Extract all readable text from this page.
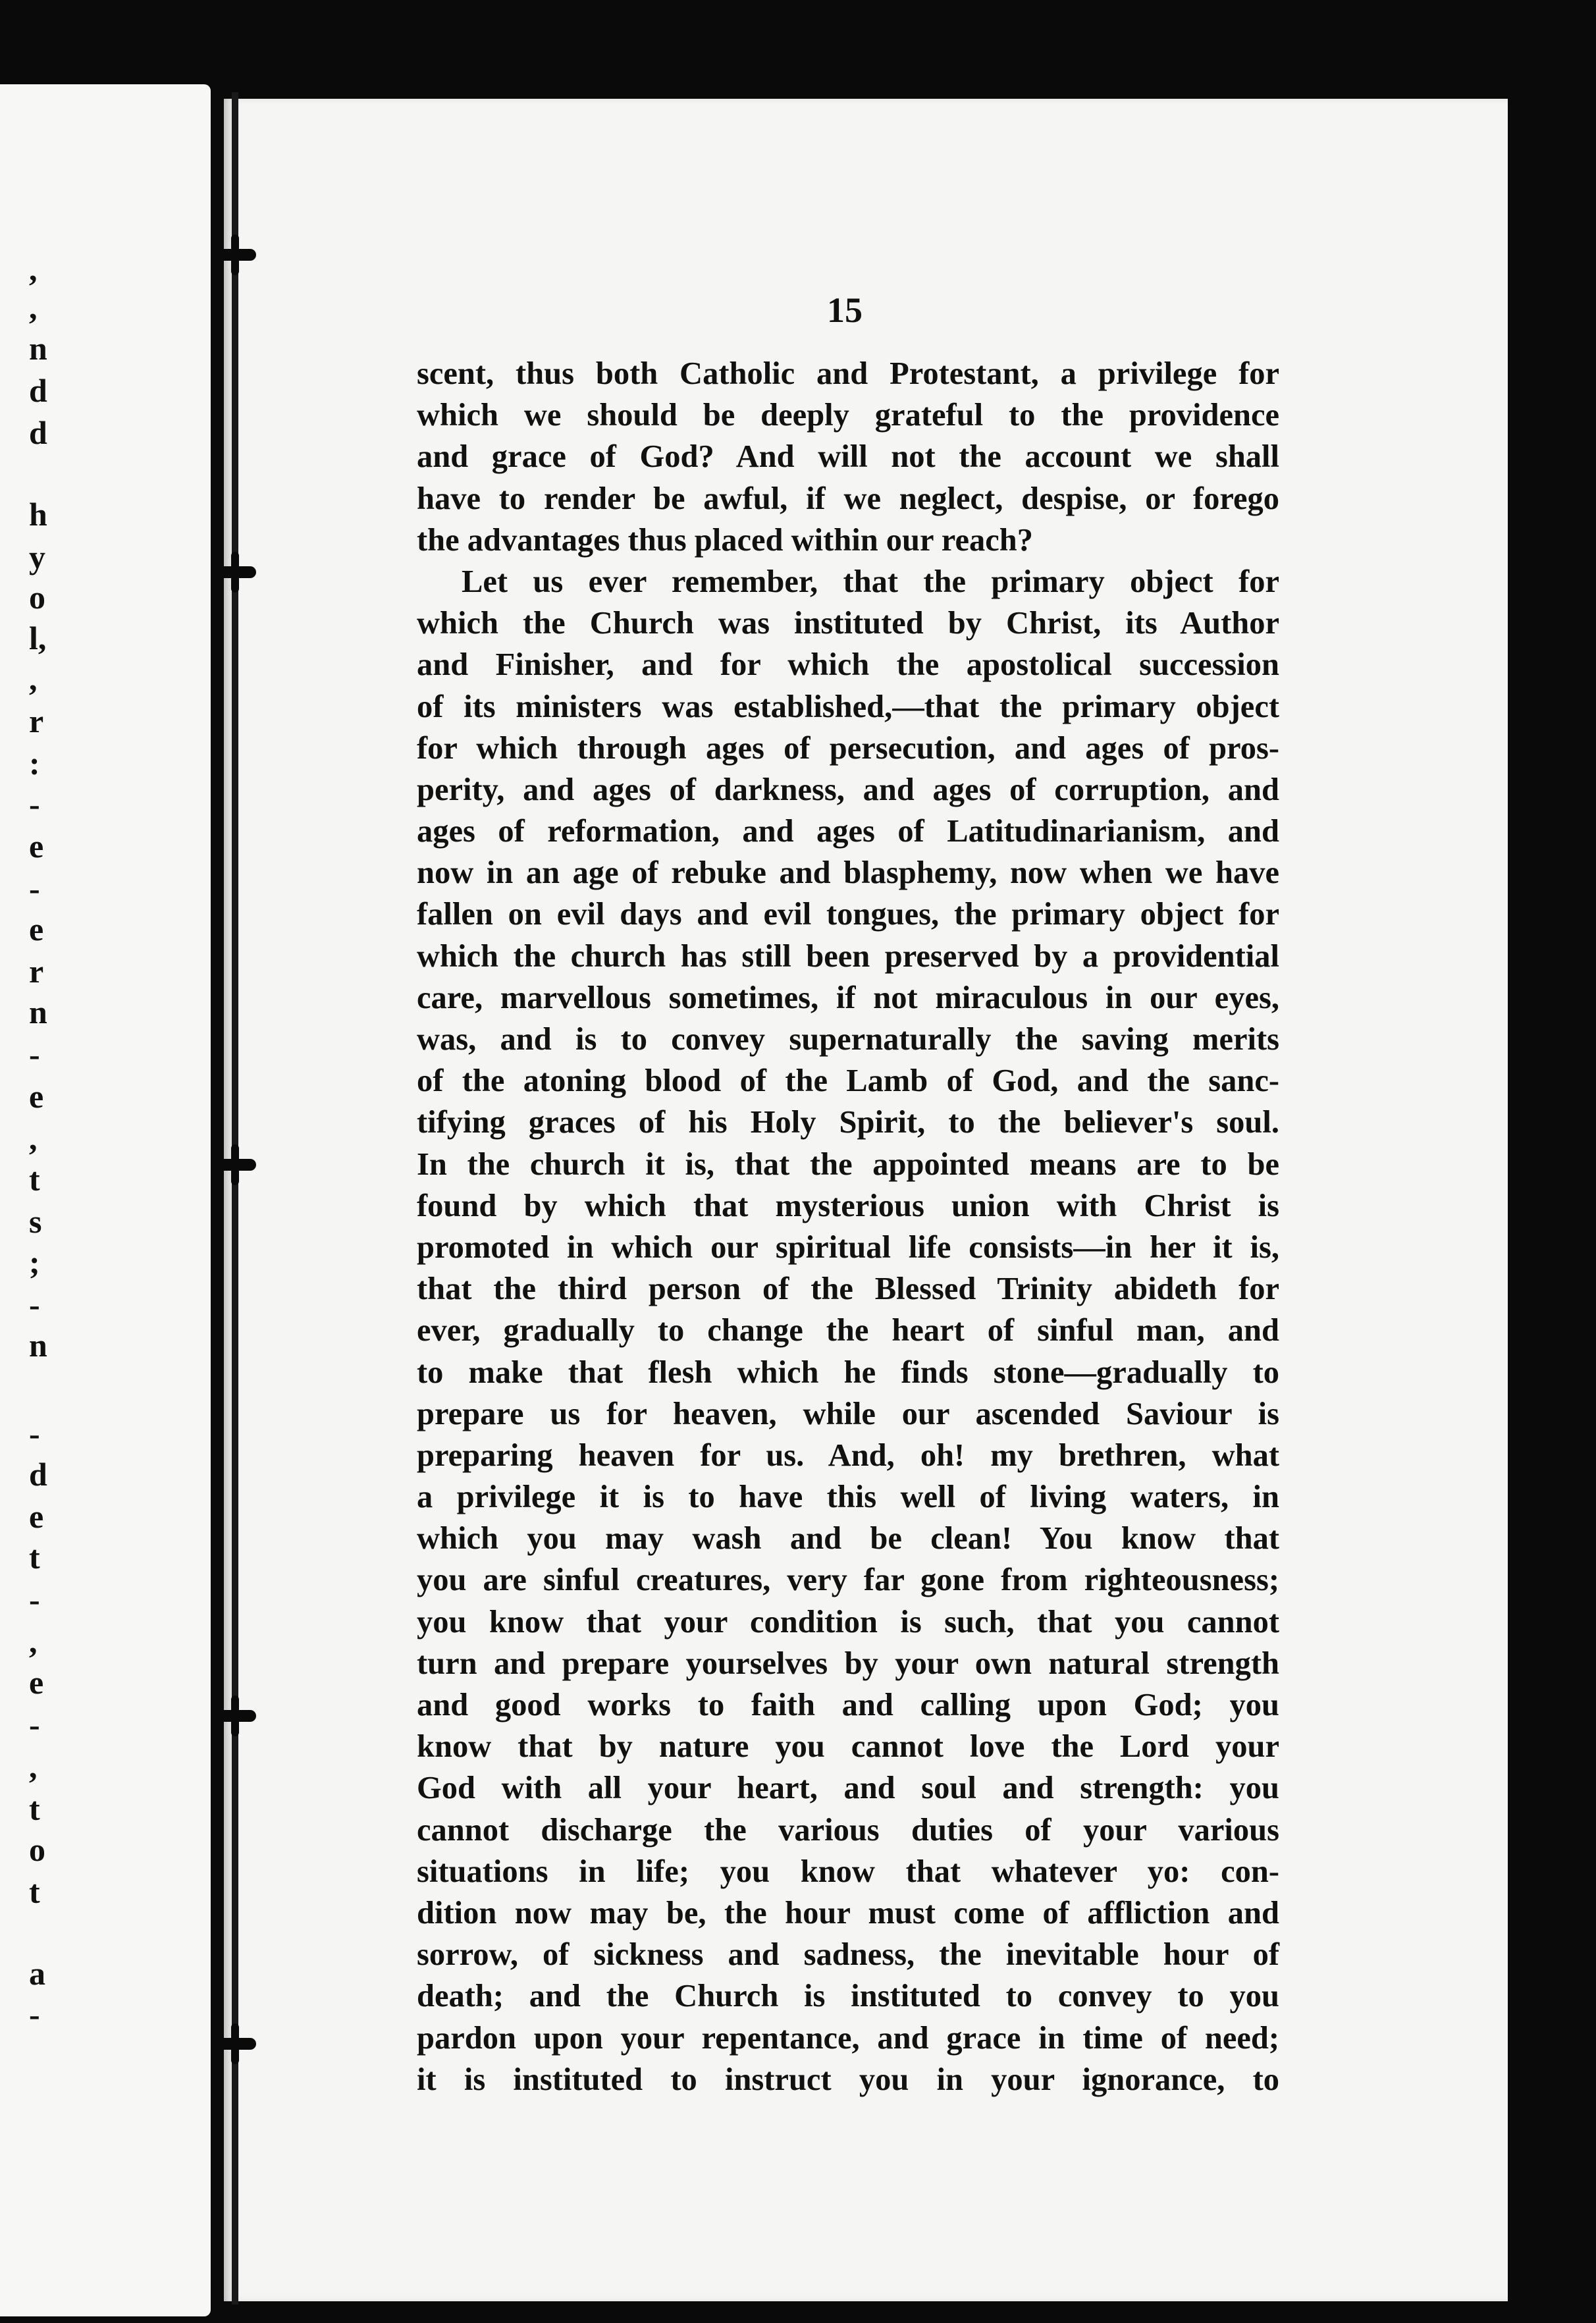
,
,
n
d
d
h
y
o
l,
,
r
:
-
e
-
e
r
n
-
e
,
t
s
;
-
n
-
d
e
t
-
,
e
-
,
t
o
t
a
-

15

scent, thus both Catholic and Protestant, a privilege for
which we should be deeply grateful to the providence
and grace of God? And will not the account we shall
have to render be awful, if we neglect, despise, or forego
the advantages thus placed within our reach?
Let us ever remember, that the primary object for
which the Church was instituted by Christ, its Author
and Finisher, and for which the apostolical succession
of its ministers was established,—that the primary object
for which through ages of persecution, and ages of pros-
perity, and ages of darkness, and ages of corruption, and
ages of reformation, and ages of Latitudinarianism, and
now in an age of rebuke and blasphemy, now when we have
fallen on evil days and evil tongues, the primary object for
which the church has still been preserved by a providential
care, marvellous sometimes, if not miraculous in our eyes,
was, and is to convey supernaturally the saving merits
of the atoning blood of the Lamb of God, and the sanc-
tifying graces of his Holy Spirit, to the believer's soul.
In the church it is, that the appointed means are to be
found by which that mysterious union with Christ is
promoted in which our spiritual life consists—in her it is,
that the third person of the Blessed Trinity abideth for
ever, gradually to change the heart of sinful man, and
to make that flesh which he finds stone—gradually to
prepare us for heaven, while our ascended Saviour is
preparing heaven for us. And, oh! my brethren, what
a privilege it is to have this well of living waters, in
which you may wash and be clean! You know that
you are sinful creatures, very far gone from righteousness;
you know that your condition is such, that you cannot
turn and prepare yourselves by your own natural strength
and good works to faith and calling upon God; you
know that by nature you cannot love the Lord your
God with all your heart, and soul and strength: you
cannot discharge the various duties of your various
situations in life; you know that whatever yo: con-
dition now may be, the hour must come of affliction and
sorrow, of sickness and sadness, the inevitable hour of
death; and the Church is instituted to convey to you
pardon upon your repentance, and grace in time of need;
it is instituted to instruct you in your ignorance, to
